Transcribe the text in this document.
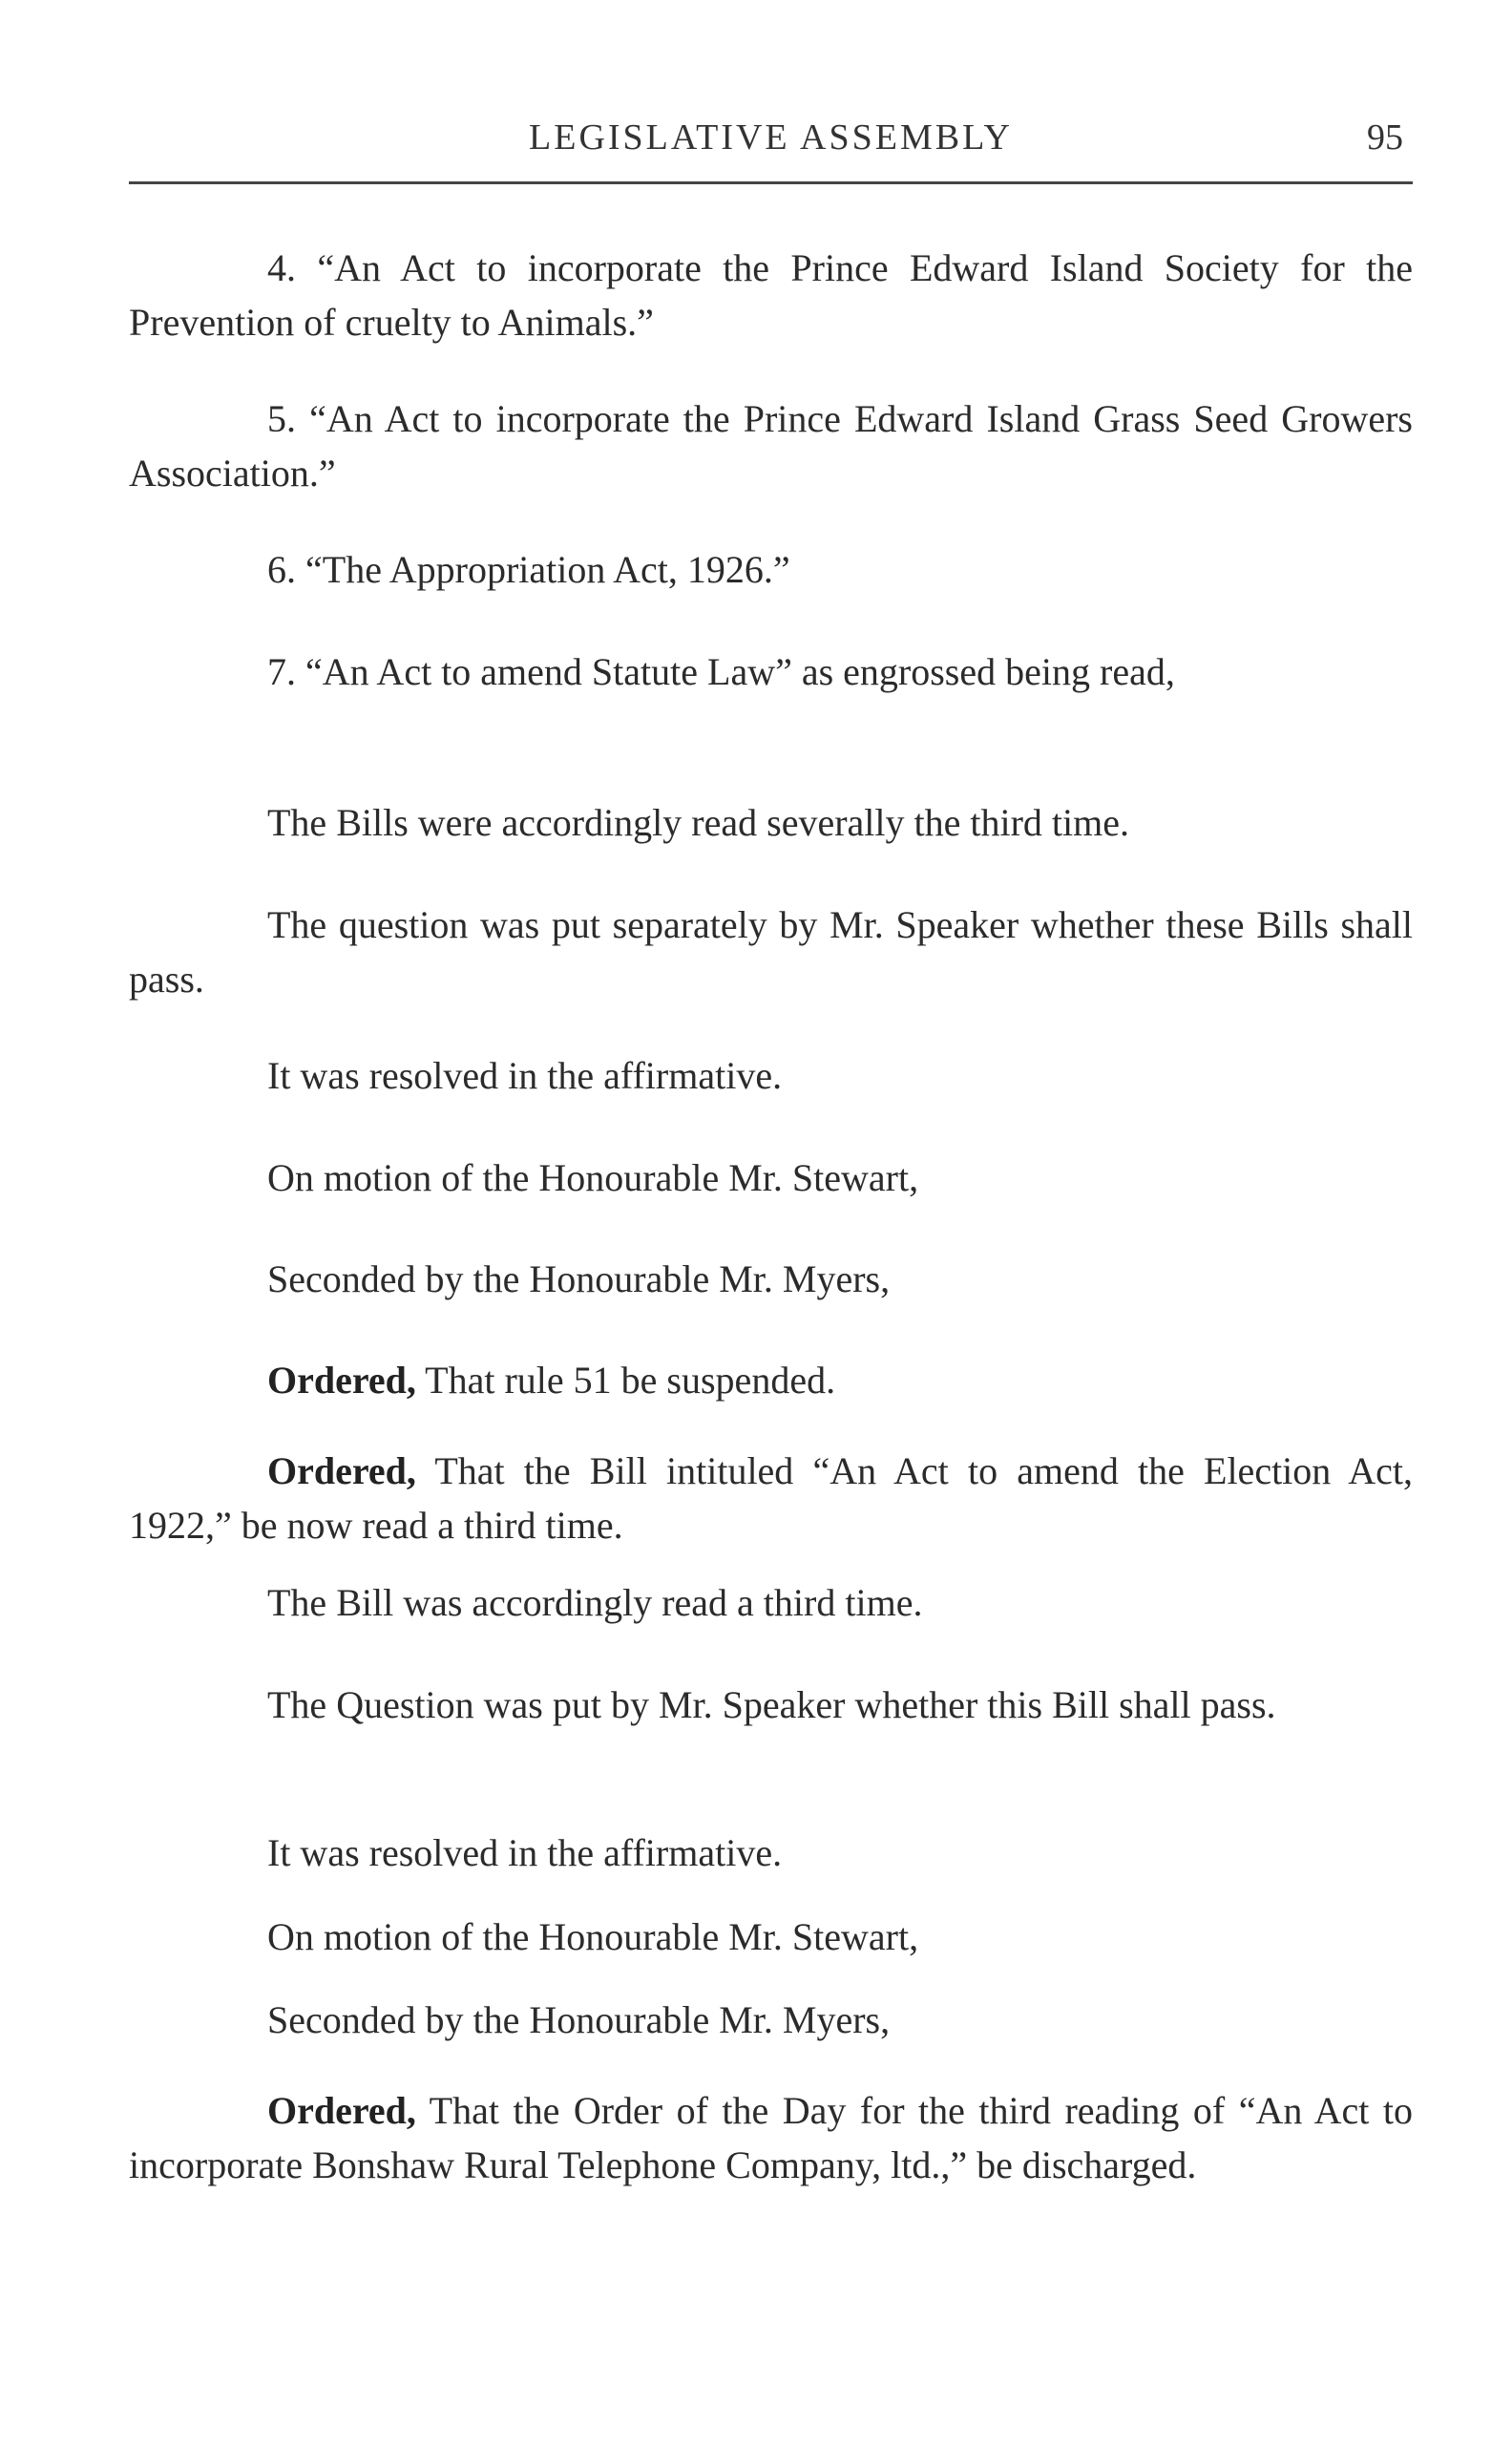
LEGISLATIVE ASSEMBLY	95

4. “An Act to incorporate the Prince Edward Island Society for the Prevention of cruelty to Animals.”

5. “An Act to incorporate the Prince Edward Island Grass Seed Growers Association.”

6. “The Appropriation Act, 1926.”

7. “An Act to amend Statute Law” as engrossed being read,

The Bills were accordingly read severally the third time.

The question was put separately by Mr. Speaker whether these Bills shall pass.

It was resolved in the affirmative.
On motion of the Honourable Mr. Stewart,
Seconded by the Honourable Mr. Myers,
Ordered, That rule 51 be suspended.

Ordered, That the Bill intituled “An Act to amend the Election Act, 1922,” be now read a third time.

The Bill was accordingly read a third time.

The Question was put by Mr. Speaker whether this Bill shall pass.

It was resolved in the affirmative.
On motion of the Honourable Mr. Stewart,
Seconded by the Honourable Mr. Myers,

Ordered, That the Order of the Day for the third reading of “An Act to incorporate Bonshaw Rural Telephone Company, ltd.,” be discharged.
